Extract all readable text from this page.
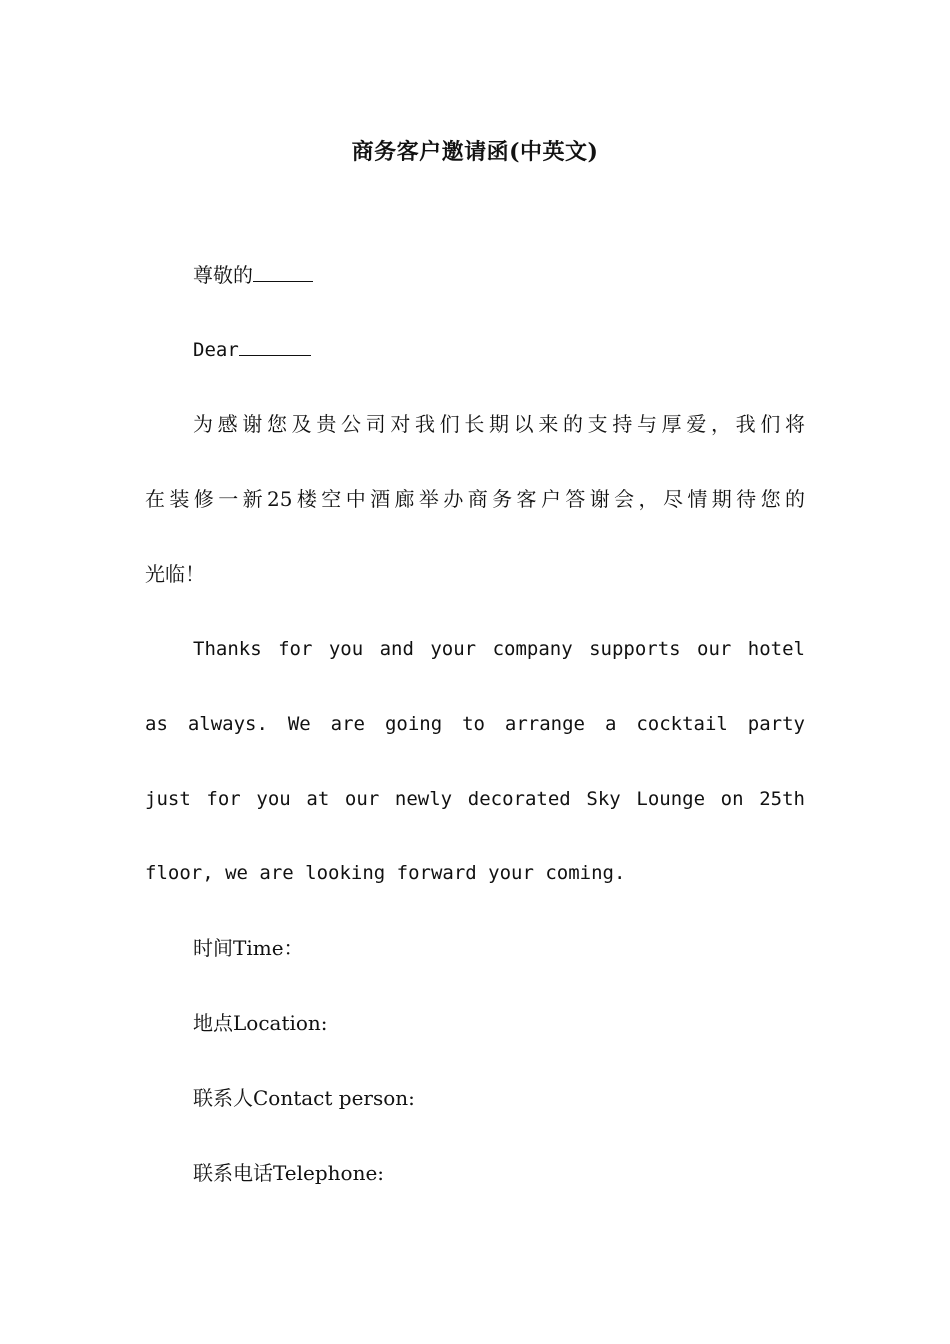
商务客户邀请函(中英文)
尊敬的
Dear
为感谢您及贵公司对我们长期以来的支持与厚爱，我们将
在装修一新25楼空中酒廊举办商务客户答谢会，尽情期待您的
光临！
Thanks for you and your company supports our hotel
as always. We are going to arrange a cocktail party
just for you at our newly decorated Sky Lounge on 25th
floor, we are looking forward your coming.
时间Time：
地点Location:
联系人Contact person:
联系电话Telephone:
